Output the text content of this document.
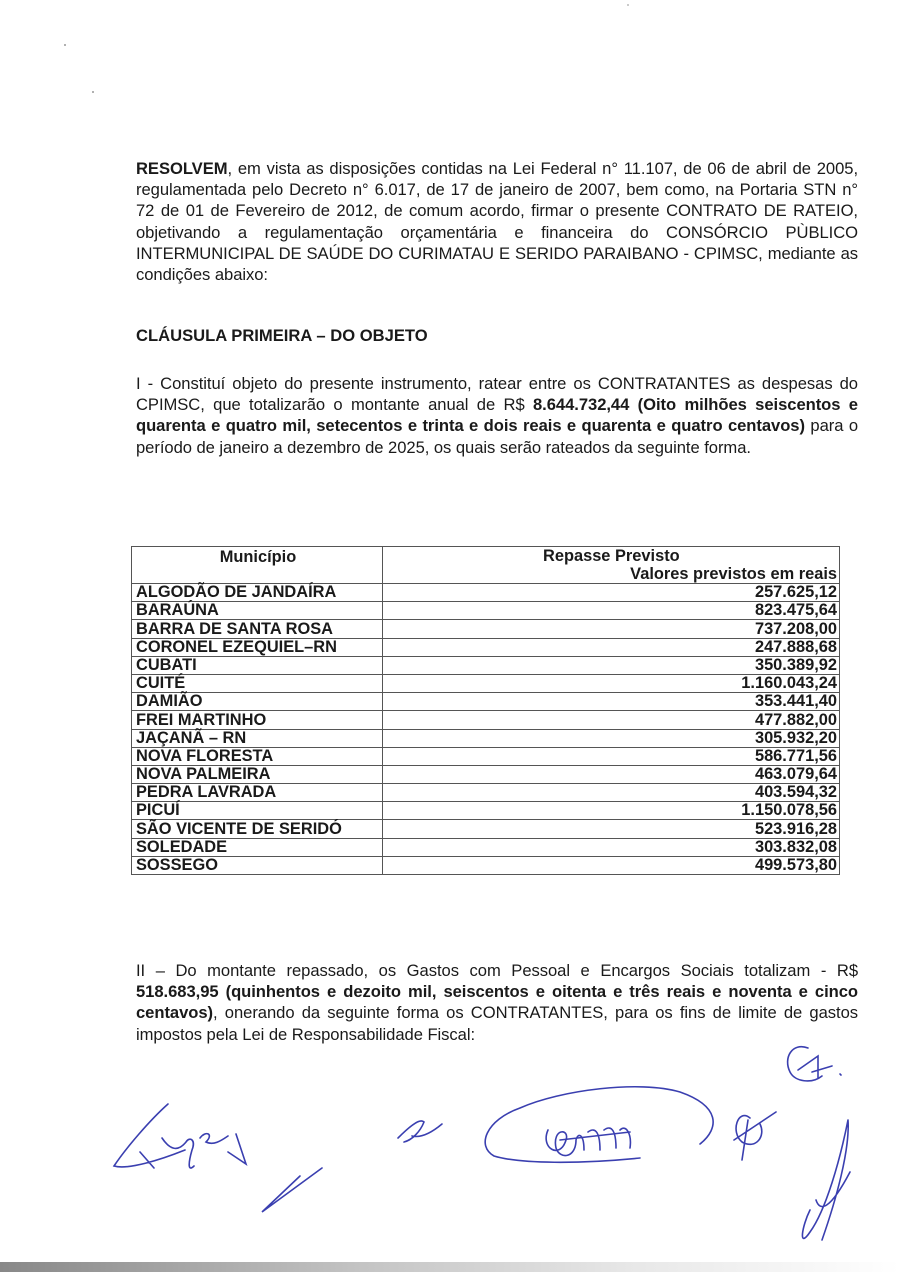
RESOLVEM, em vista as disposições contidas na Lei Federal n° 11.107, de 06 de abril de 2005, regulamentada pelo Decreto n° 6.017, de 17 de janeiro de 2007, bem como, na Portaria STN n° 72 de 01 de Fevereiro de 2012, de comum acordo, firmar o presente CONTRATO DE RATEIO, objetivando a regulamentação orçamentária e financeira do CONSÓRCIO PÙBLICO INTERMUNICIPAL DE SAÚDE DO CURIMATAU E SERIDO PARAIBANO - CPIMSC, mediante as condições abaixo:

CLÁUSULA PRIMEIRA – DO OBJETO

I - Constituí objeto do presente instrumento, ratear entre os CONTRATANTES as despesas do CPIMSC, que totalizarão o montante anual de R$ 8.644.732,44 (Oito milhões seiscentos e quarenta e quatro mil, setecentos e trinta e dois reais e quarenta e quatro centavos) para o período de janeiro a dezembro de 2025, os quais serão rateados da seguinte forma.

Município	Repasse Previsto
Valores previstos em reais

ALGODÃO DE JANDAÍRA	257.625,12
BARAÚNA	823.475,64
BARRA DE SANTA ROSA	737.208,00
CORONEL EZEQUIEL–RN	247.888,68
CUBATI	350.389,92
CUITÉ	1.160.043,24
DAMIÃO	353.441,40
FREI MARTINHO	477.882,00
JAÇANÃ – RN	305.932,20
NOVA FLORESTA	586.771,56
NOVA PALMEIRA	463.079,64
PEDRA LAVRADA	403.594,32
PICUÍ	1.150.078,56
SÃO VICENTE DE SERIDÓ	523.916,28
SOLEDADE	303.832,08
SOSSEGO	499.573,80

II – Do montante repassado, os Gastos com Pessoal e Encargos Sociais totalizam - R$ 518.683,95 (quinhentos e dezoito mil, seiscentos e oitenta e três reais e noventa e cinco centavos), onerando da seguinte forma os CONTRATANTES, para os fins de limite de gastos impostos pela Lei de Responsabilidade Fiscal:
